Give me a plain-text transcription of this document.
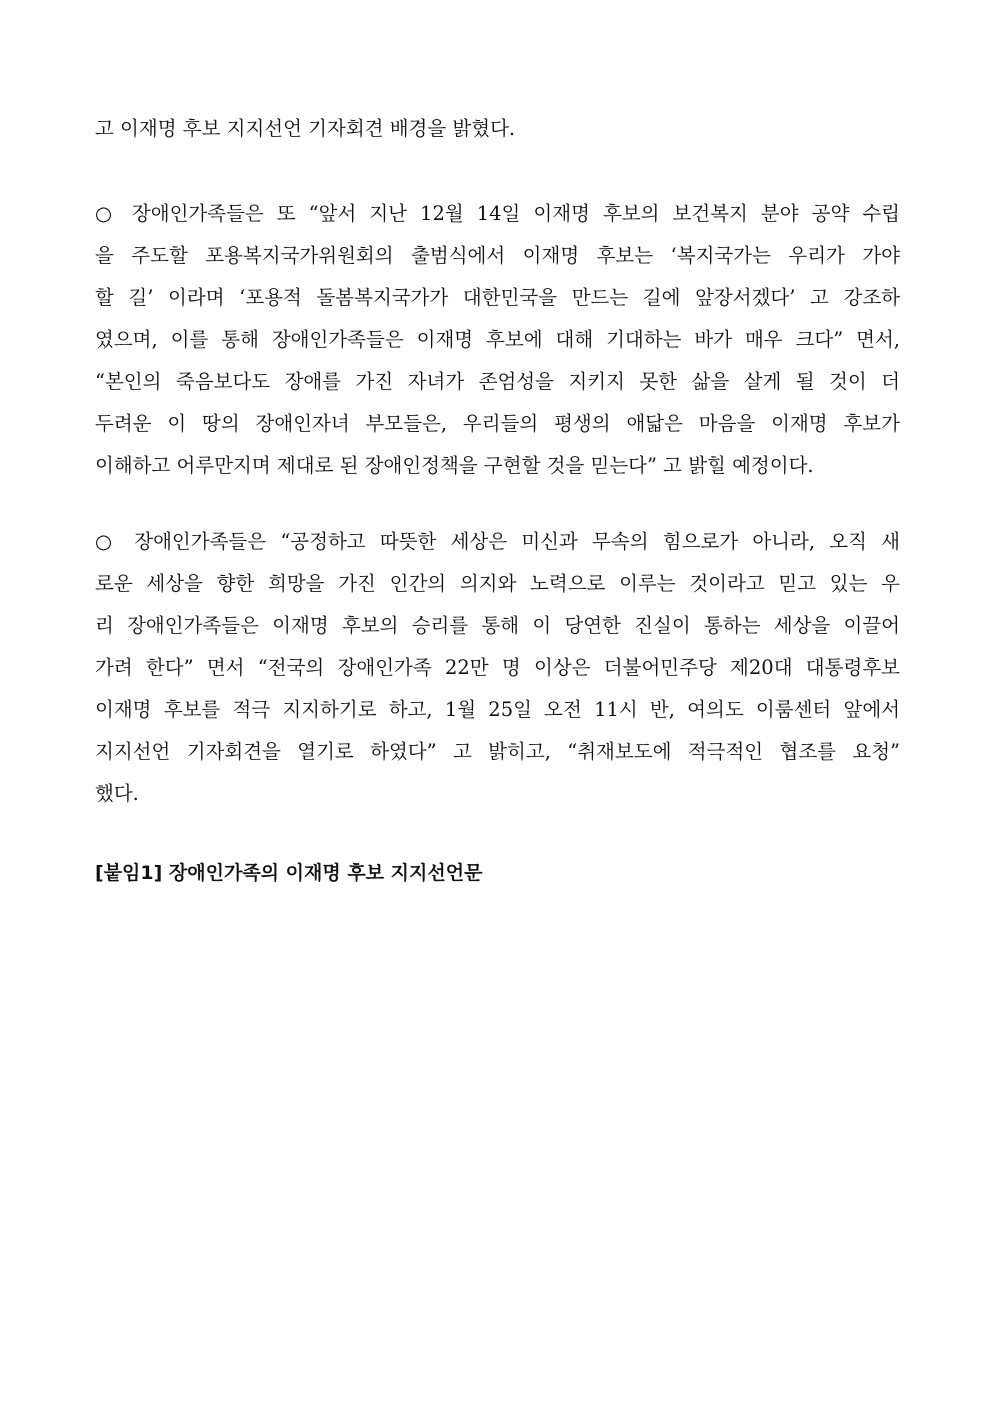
고 이재명 후보 지지선언 기자회견 배경을 밝혔다.
○ 장애인가족들은 또 “앞서 지난 12월 14일 이재명 후보의 보건복지 분야 공약 수립
을 주도할 포용복지국가위원회의 출범식에서 이재명 후보는 ‘복지국가는 우리가 가야
할 길’ 이라며 ‘포용적 돌봄복지국가가 대한민국을 만드는 길에 앞장서겠다’ 고 강조하
였으며, 이를 통해 장애인가족들은 이재명 후보에 대해 기대하는 바가 매우 크다” 면서,
“본인의 죽음보다도 장애를 가진 자녀가 존엄성을 지키지 못한 삶을 살게 될 것이 더
두려운 이 땅의 장애인자녀 부모들은, 우리들의 평생의 애닯은 마음을 이재명 후보가
이해하고 어루만지며 제대로 된 장애인정책을 구현할 것을 믿는다” 고 밝힐 예정이다.
○ 장애인가족들은 “공정하고 따뜻한 세상은 미신과 무속의 힘으로가 아니라, 오직 새
로운 세상을 향한 희망을 가진 인간의 의지와 노력으로 이루는 것이라고 믿고 있는 우
리 장애인가족들은 이재명 후보의 승리를 통해 이 당연한 진실이 통하는 세상을 이끌어
가려 한다” 면서 “전국의 장애인가족 22만 명 이상은 더불어민주당 제20대 대통령후보
이재명 후보를 적극 지지하기로 하고, 1월 25일 오전 11시 반, 여의도 이룸센터 앞에서
지지선언 기자회견을 열기로 하였다” 고 밝히고, “취재보도에 적극적인 협조를 요청”
했다.
[붙임1] 장애인가족의 이재명 후보 지지선언문
